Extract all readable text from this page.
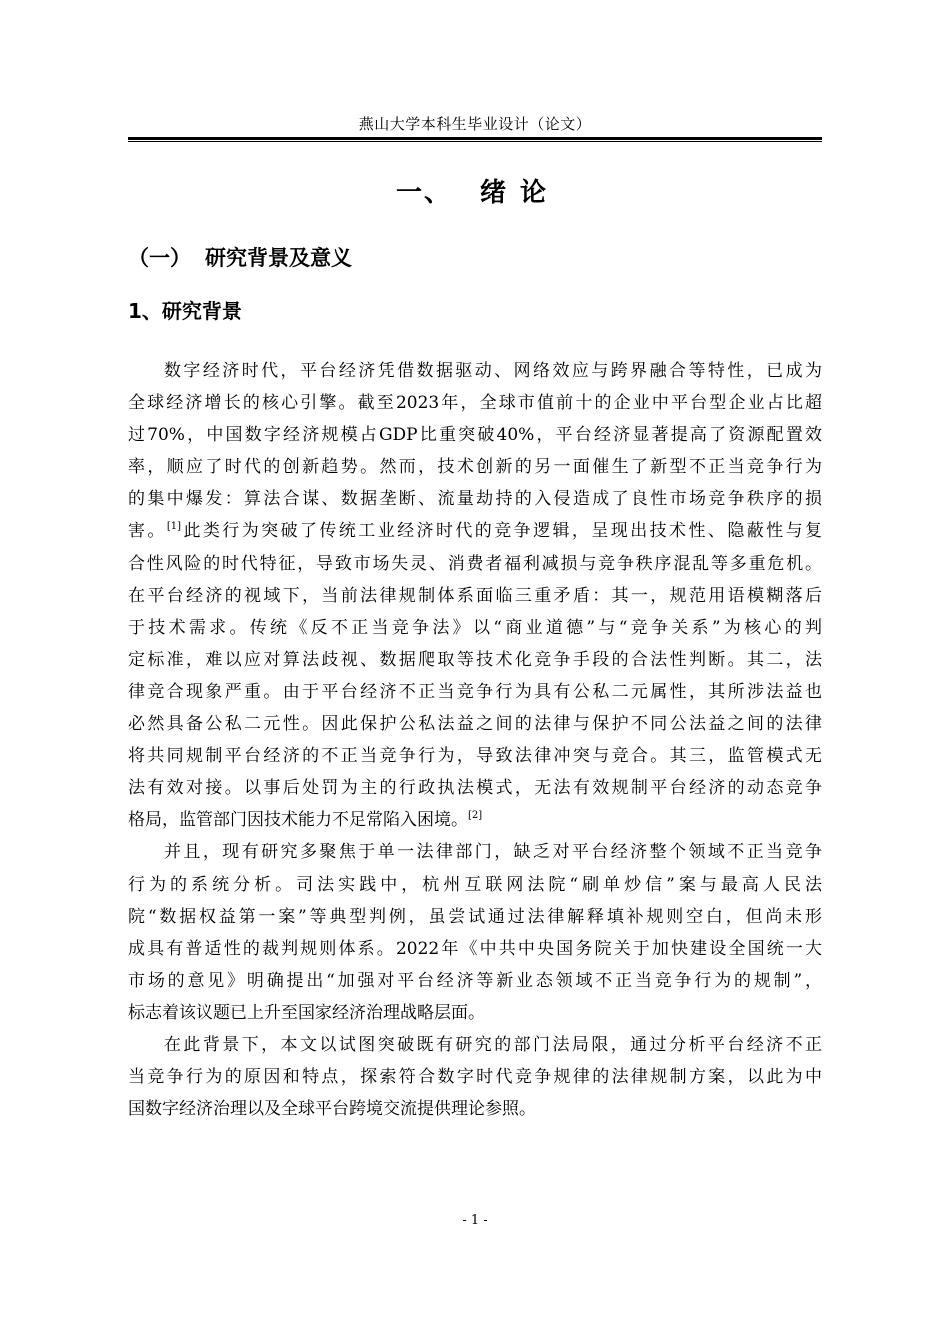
燕山大学本科生毕业设计（论文）
一、 绪 论
（一） 研究背景及意义
1、研究背景
数字经济时代，平台经济凭借数据驱动、网络效应与跨界融合等特性，已成为
全球经济增长的核心引擎。截至2023年，全球市值前十的企业中平台型企业占比超
过70%，中国数字经济规模占GDP比重突破40%，平台经济显著提高了资源配置效
率，顺应了时代的创新趋势。然而，技术创新的另一面催生了新型不正当竞争行为
的集中爆发：算法合谋、数据垄断、流量劫持的入侵造成了良性市场竞争秩序的损
害。[1]此类行为突破了传统工业经济时代的竞争逻辑，呈现出技术性、隐蔽性与复
合性风险的时代特征，导致市场失灵、消费者福利减损与竞争秩序混乱等多重危机。
在平台经济的视域下，当前法律规制体系面临三重矛盾：其一，规范用语模糊落后
于技术需求。传统《反不正当竞争法》以“商业道德”与“竞争关系”为核心的判
定标准，难以应对算法歧视、数据爬取等技术化竞争手段的合法性判断。其二，法
律竞合现象严重。由于平台经济不正当竞争行为具有公私二元属性，其所涉法益也
必然具备公私二元性。因此保护公私法益之间的法律与保护不同公法益之间的法律
将共同规制平台经济的不正当竞争行为，导致法律冲突与竞合。其三，监管模式无
法有效对接。以事后处罚为主的行政执法模式，无法有效规制平台经济的动态竞争
格局，监管部门因技术能力不足常陷入困境。[2]
并且，现有研究多聚焦于单一法律部门，缺乏对平台经济整个领域不正当竞争
行为的系统分析。司法实践中，杭州互联网法院“刷单炒信”案与最高人民法
院“数据权益第一案”等典型判例，虽尝试通过法律解释填补规则空白，但尚未形
成具有普适性的裁判规则体系。2022年《中共中央国务院关于加快建设全国统一大
市场的意见》明确提出“加强对平台经济等新业态领域不正当竞争行为的规制”，
标志着该议题已上升至国家经济治理战略层面。
在此背景下，本文以试图突破既有研究的部门法局限，通过分析平台经济不正
当竞争行为的原因和特点，探索符合数字时代竞争规律的法律规制方案，以此为中
国数字经济治理以及全球平台跨境交流提供理论参照。
- 1 -
